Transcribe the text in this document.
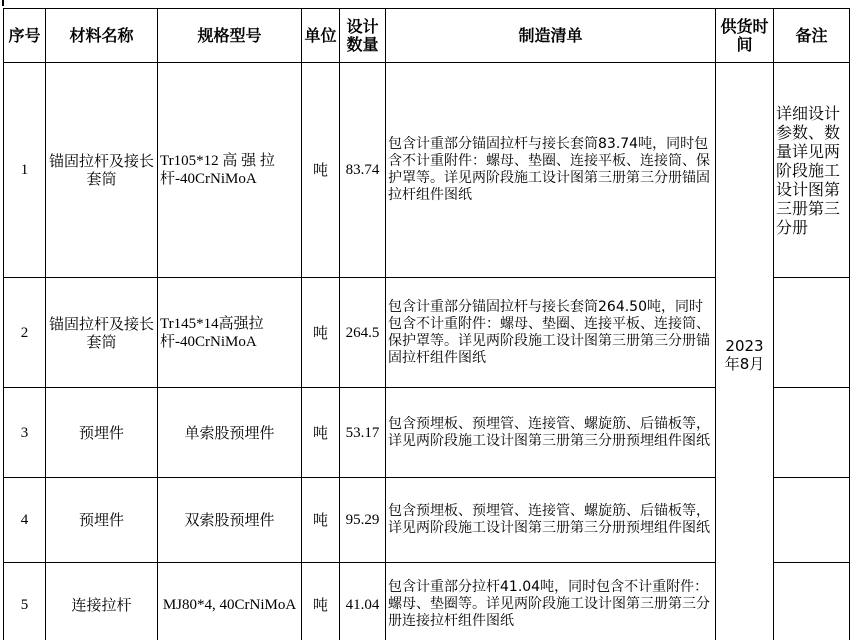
序号	材料名称	规格型号	单位	设计数量	制造清单	供货时间	备注
1	锚固拉杆及接长套筒	Tr105*12 高 强 拉杆-40CrNiMoA	吨	83.74	包含计重部分锚固拉杆与接长套筒83.74吨，同时包含不计重附件：螺母、垫圈、连接平板、连接筒、保护罩等。详见两阶段施工设计图第三册第三分册锚固拉杆组件图纸	2023年8月	详细设计参数、数量详见两阶段施工设计图第三册第三分册
2	锚固拉杆及接长套筒	Tr145*14高强拉杆-40CrNiMoA	吨	264.5	包含计重部分锚固拉杆与接长套筒264.50吨，同时包含不计重附件：螺母、垫圈、连接平板、连接筒、保护罩等。详见两阶段施工设计图第三册第三分册锚固拉杆组件图纸		
3	预埋件	单索股预埋件	吨	53.17	包含预埋板、预埋管、连接管、螺旋筋、后锚板等，详见两阶段施工设计图第三册第三分册预埋组件图纸		
4	预埋件	双索股预埋件	吨	95.29	包含预埋板、预埋管、连接管、螺旋筋、后锚板等，详见两阶段施工设计图第三册第三分册预埋组件图纸		
5	连接拉杆	MJ80*4, 40CrNiMoA	吨	41.04	包含计重部分拉杆41.04吨，同时包含不计重附件：螺母、垫圈等。详见两阶段施工设计图第三册第三分册连接拉杆组件图纸		
